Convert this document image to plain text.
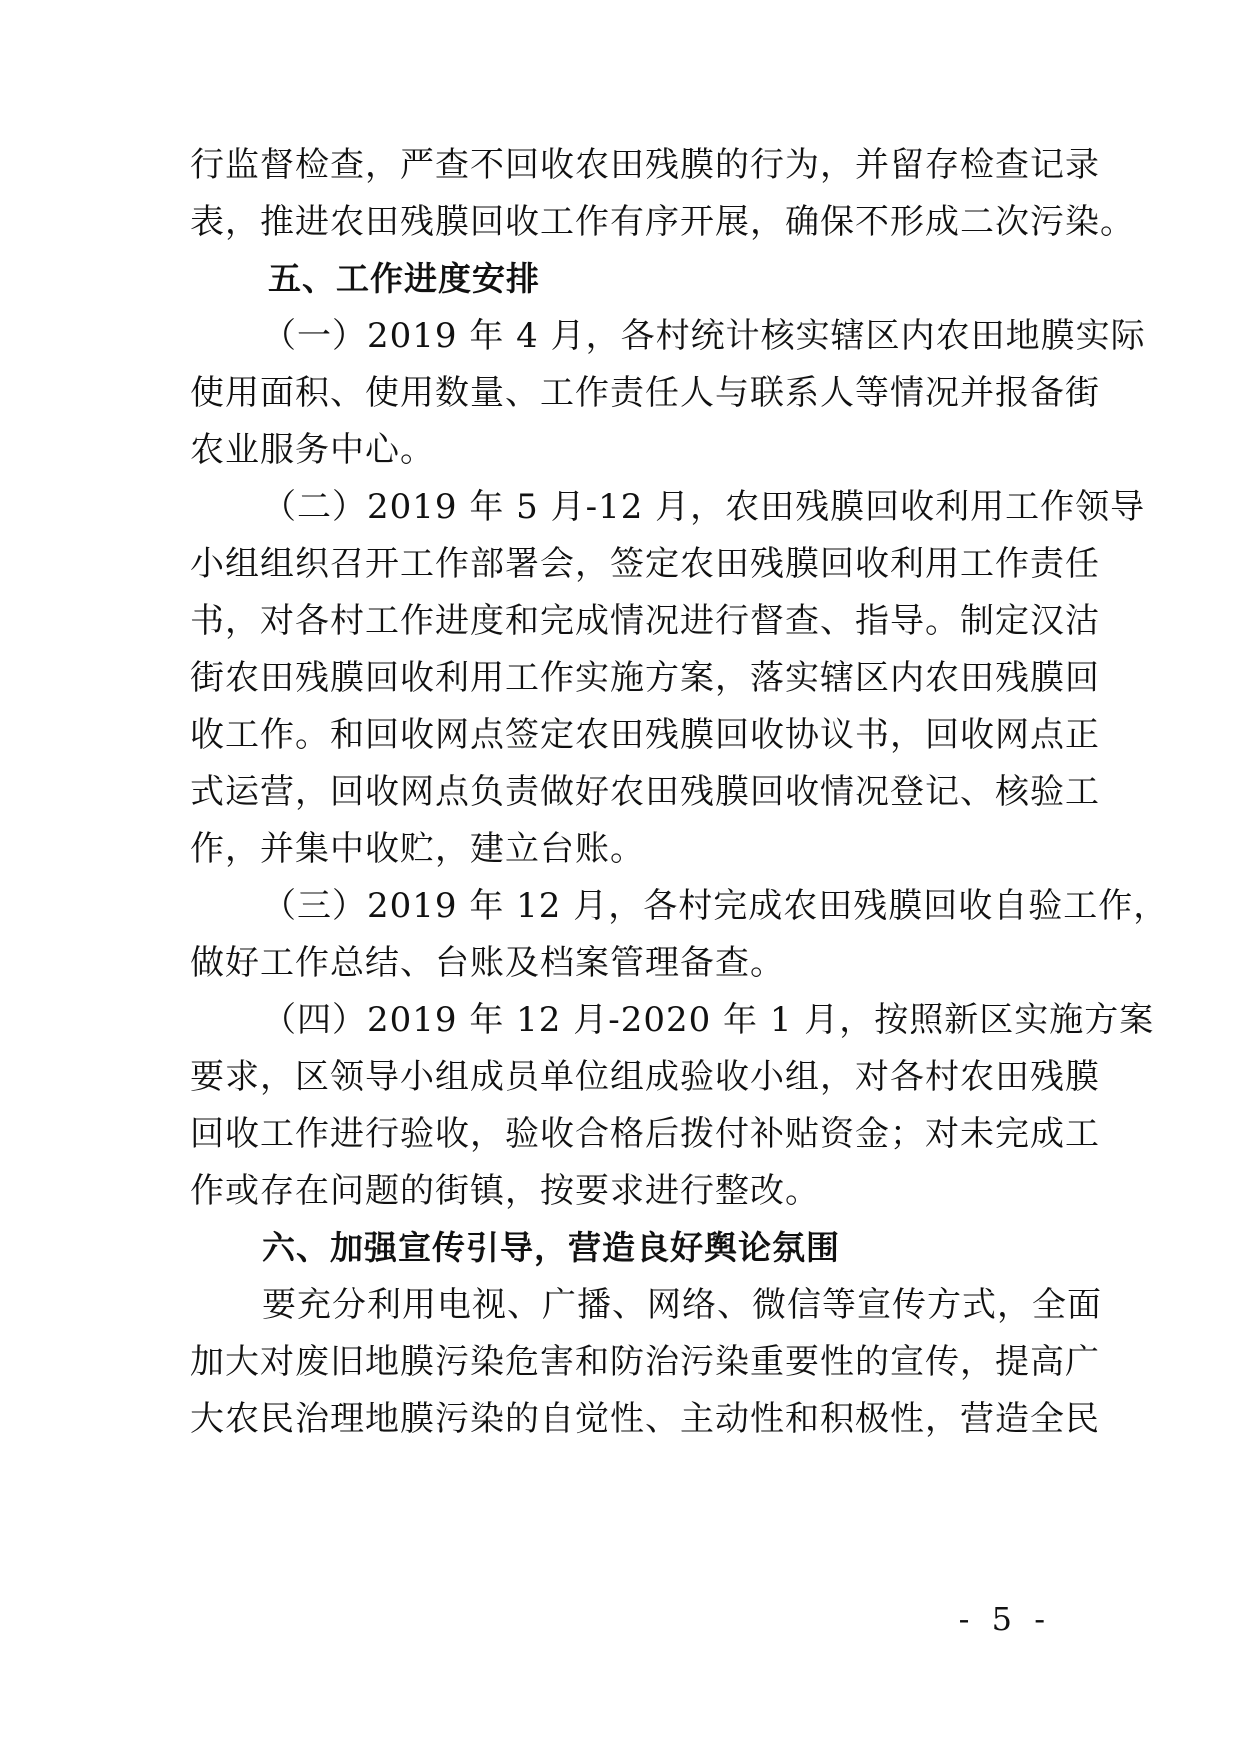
行监督检查，严查不回收农田残膜的行为，并留存检查记录
表，推进农田残膜回收工作有序开展，确保不形成二次污染。
五、工作进度安排
（一）2019 年 4 月，各村统计核实辖区内农田地膜实际
使用面积、使用数量、工作责任人与联系人等情况并报备街
农业服务中心。
（二）2019 年 5 月-12 月，农田残膜回收利用工作领导
小组组织召开工作部署会，签定农田残膜回收利用工作责任
书，对各村工作进度和完成情况进行督查、指导。制定汉沽
街农田残膜回收利用工作实施方案，落实辖区内农田残膜回
收工作。和回收网点签定农田残膜回收协议书，回收网点正
式运营，回收网点负责做好农田残膜回收情况登记、核验工
作，并集中收贮，建立台账。
（三）2019 年 12 月，各村完成农田残膜回收自验工作，
做好工作总结、台账及档案管理备查。
（四）2019 年 12 月-2020 年 1 月，按照新区实施方案
要求，区领导小组成员单位组成验收小组，对各村农田残膜
回收工作进行验收，验收合格后拨付补贴资金；对未完成工
作或存在问题的街镇，按要求进行整改。
六、加强宣传引导，营造良好舆论氛围
要充分利用电视、广播、网络、微信等宣传方式，全面
加大对废旧地膜污染危害和防治污染重要性的宣传，提高广
大农民治理地膜污染的自觉性、主动性和积极性，营造全民
- 5 -
